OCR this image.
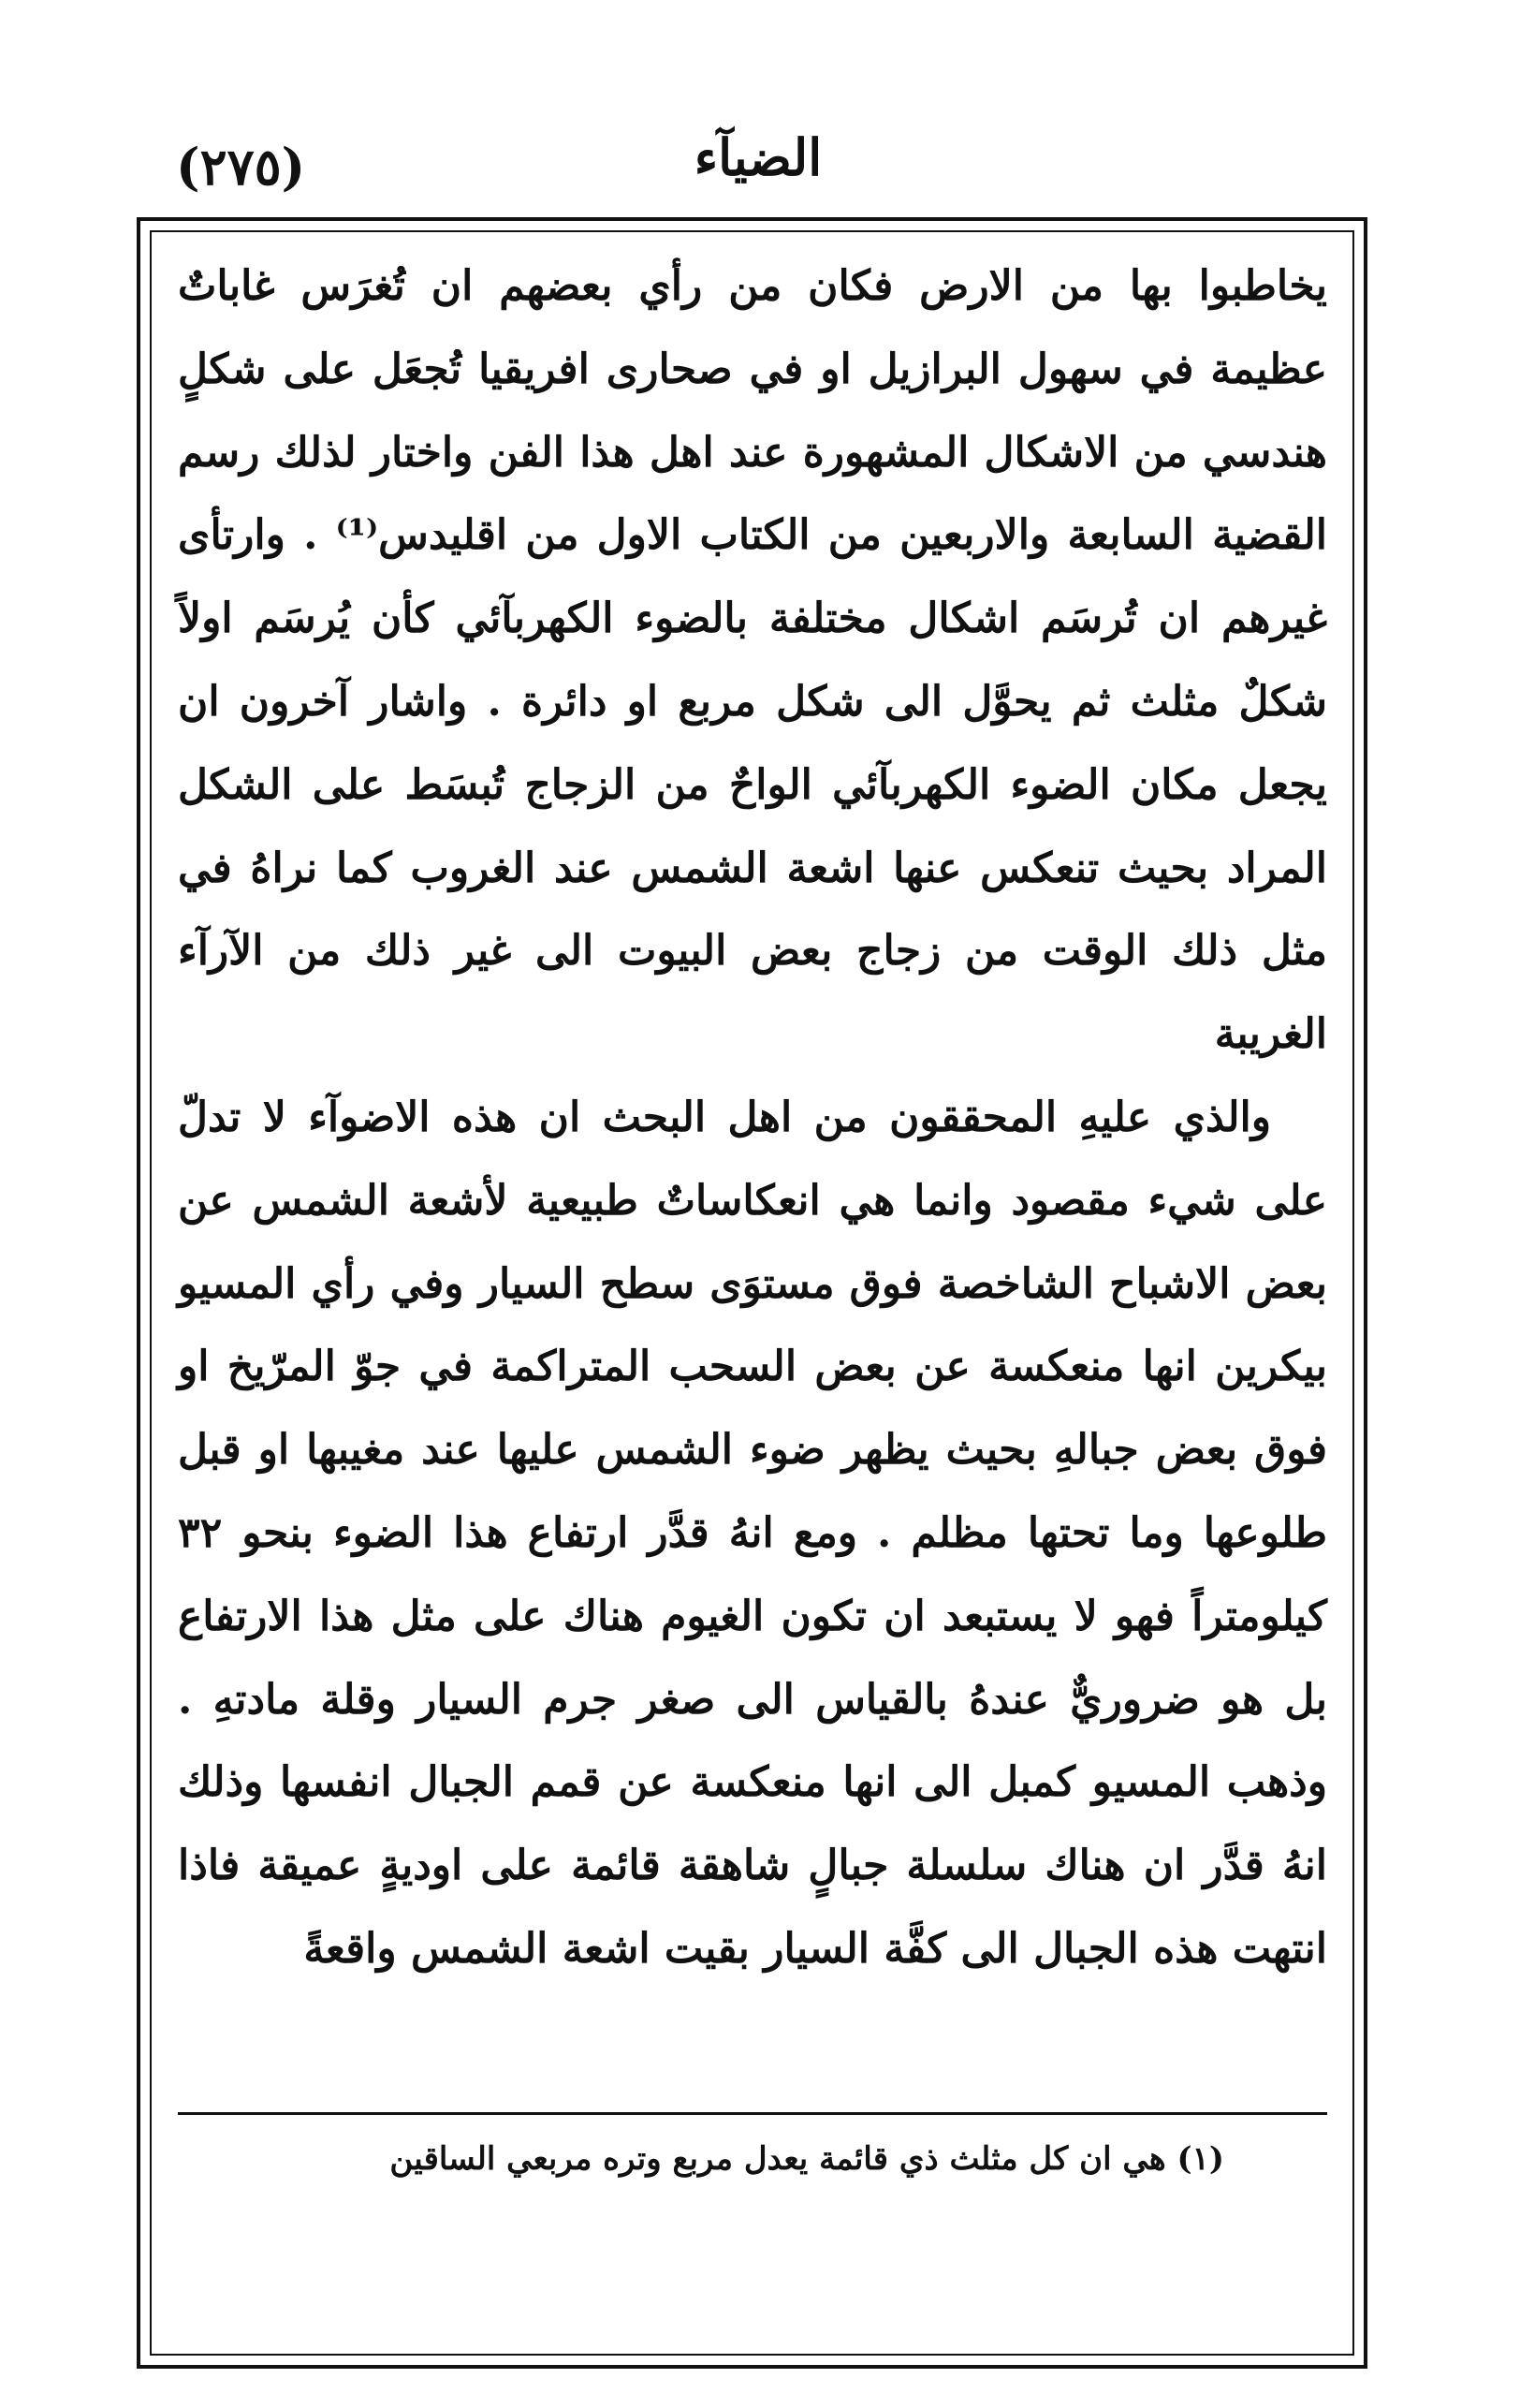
الضيآء
(٢٧٥)

يخاطبوا بها من الارض فكان من رأي بعضهم ان تُغرَس غاباتٌ عظيمة في سهول البرازيل او في صحارى افريقيا تُجعَل على شكلٍ هندسي من الاشكال المشهورة عند اهل هذا الفن واختار لذلك رسم القضية السابعة والاربعين من الكتاب الاول من اقليدس⁽¹⁾ . وارتأى غيرهم ان تُرسَم اشكال مختلفة بالضوء الكهربآئي كأن يُرسَم اولاً شكلٌ مثلث ثم يحوَّل الى شكل مربع او دائرة . واشار آخرون ان يجعل مكان الضوء الكهربآئي الواحٌ من الزجاج تُبسَط على الشكل المراد بحيث تنعكس عنها اشعة الشمس عند الغروب كما نراهُ في مثل ذلك الوقت من زجاج بعض البيوت الى غير ذلك من الآرآء الغريبة

والذي عليهِ المحققون من اهل البحث ان هذه الاضوآء لا تدلّ على شيء مقصود وانما هي انعكاساتٌ طبيعية لأشعة الشمس عن بعض الاشباح الشاخصة فوق مستوَى سطح السيار وفي رأي المسيو بيكرين انها منعكسة عن بعض السحب المتراكمة في جوّ المرّيخ او فوق بعض جبالهِ بحيث يظهر ضوء الشمس عليها عند مغيبها او قبل طلوعها وما تحتها مظلم . ومع انهُ قدَّر ارتفاع هذا الضوء بنحو ٣٢ كيلومتراً فهو لا يستبعد ان تكون الغيوم هناك على مثل هذا الارتفاع بل هو ضروريٌّ عندهُ بالقياس الى صغر جرم السيار وقلة مادتهِ . وذهب المسيو كمبل الى انها منعكسة عن قمم الجبال انفسها وذلك انهُ قدَّر ان هناك سلسلة جبالٍ شاهقة قائمة على اوديةٍ عميقة فاذا انتهت هذه الجبال الى كفَّة السيار بقيت اشعة الشمس واقعةً

(١) هي ان كل مثلث ذي قائمة يعدل مربع وتره مربعي الساقين
